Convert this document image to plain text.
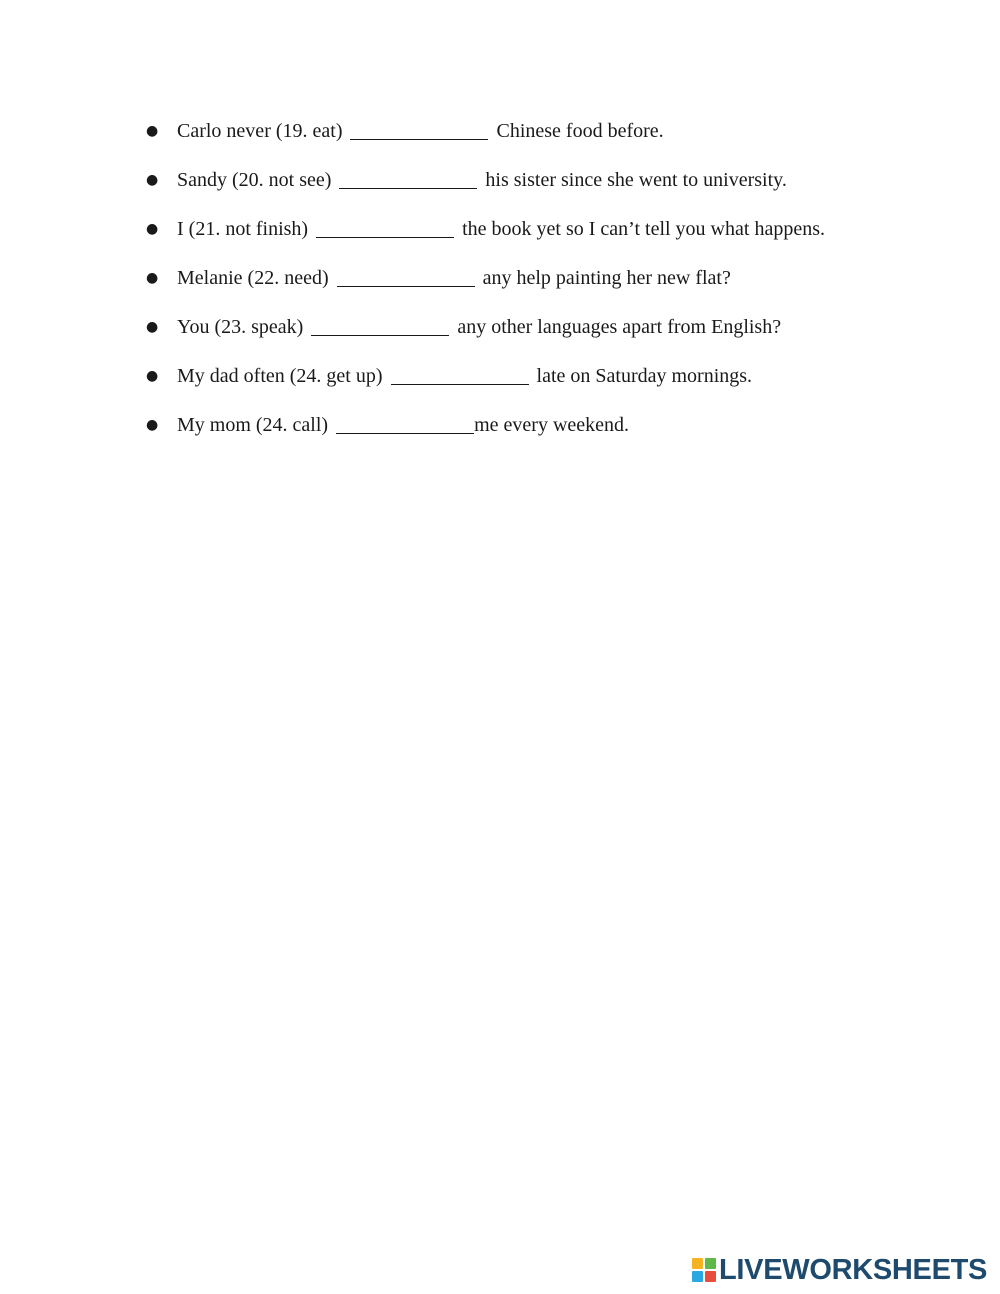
● Carlo never (19. eat)	Chinese food before.
● Sandy (20. not see)	his sister since she went to university.
● I (21. not finish)	the book yet so I can’t tell you what happens.
● Melanie (22. need)	any help painting her new flat?
● You (23. speak)	any other languages apart from English?
● My dad often (24. get up)	late on Saturday mornings.
● My mom (24. call)	me every weekend.
LIVEWORKSHEETS
